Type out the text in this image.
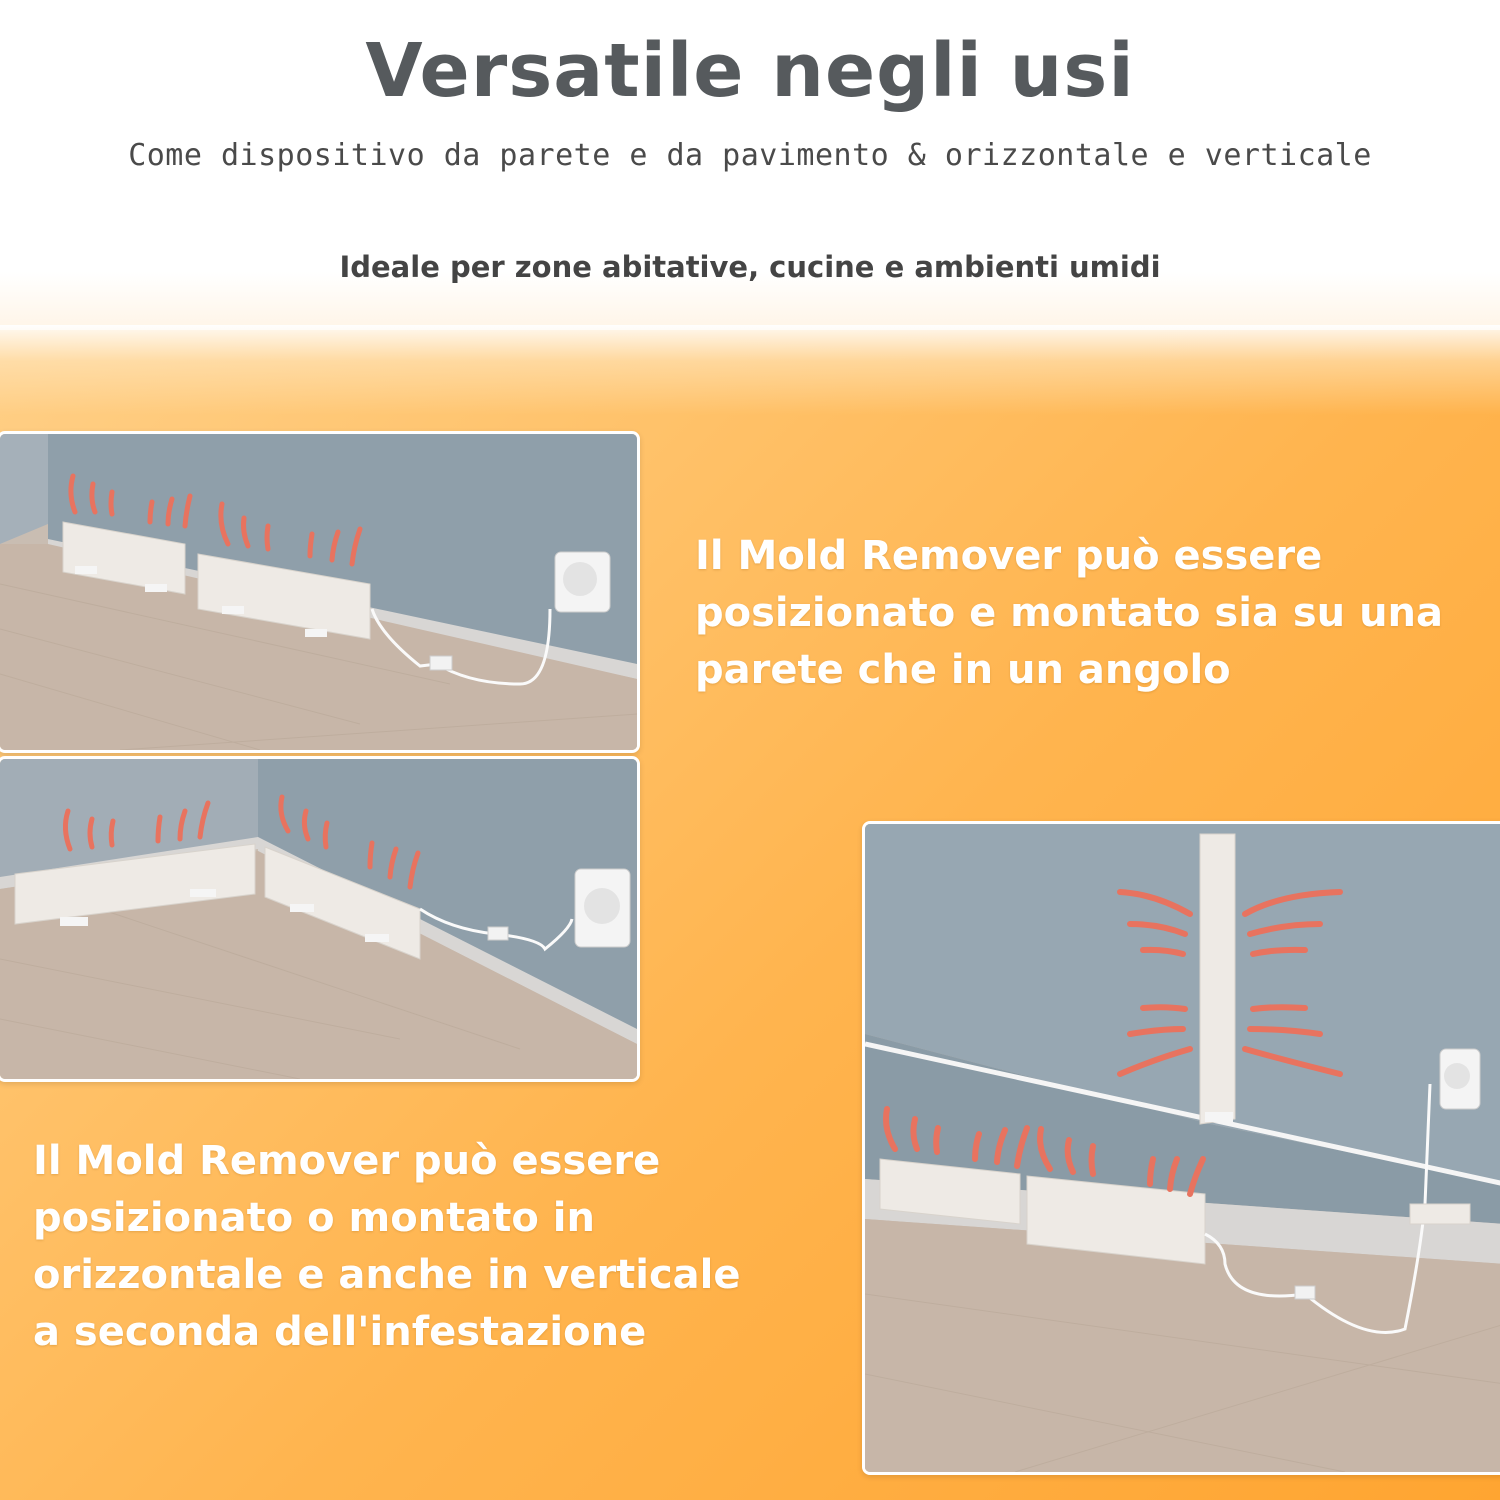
Versatile negli usi

Come dispositivo da parete e da pavimento & orizzontale e verticale

Ideale per zone abitative, cucine e ambienti umidi

Il Mold Remover può essere
posizionato e montato sia su una
parete che in un angolo

Il Mold Remover può essere
posizionato o montato in
orizzontale e anche in verticale
a seconda dell'infestazione
